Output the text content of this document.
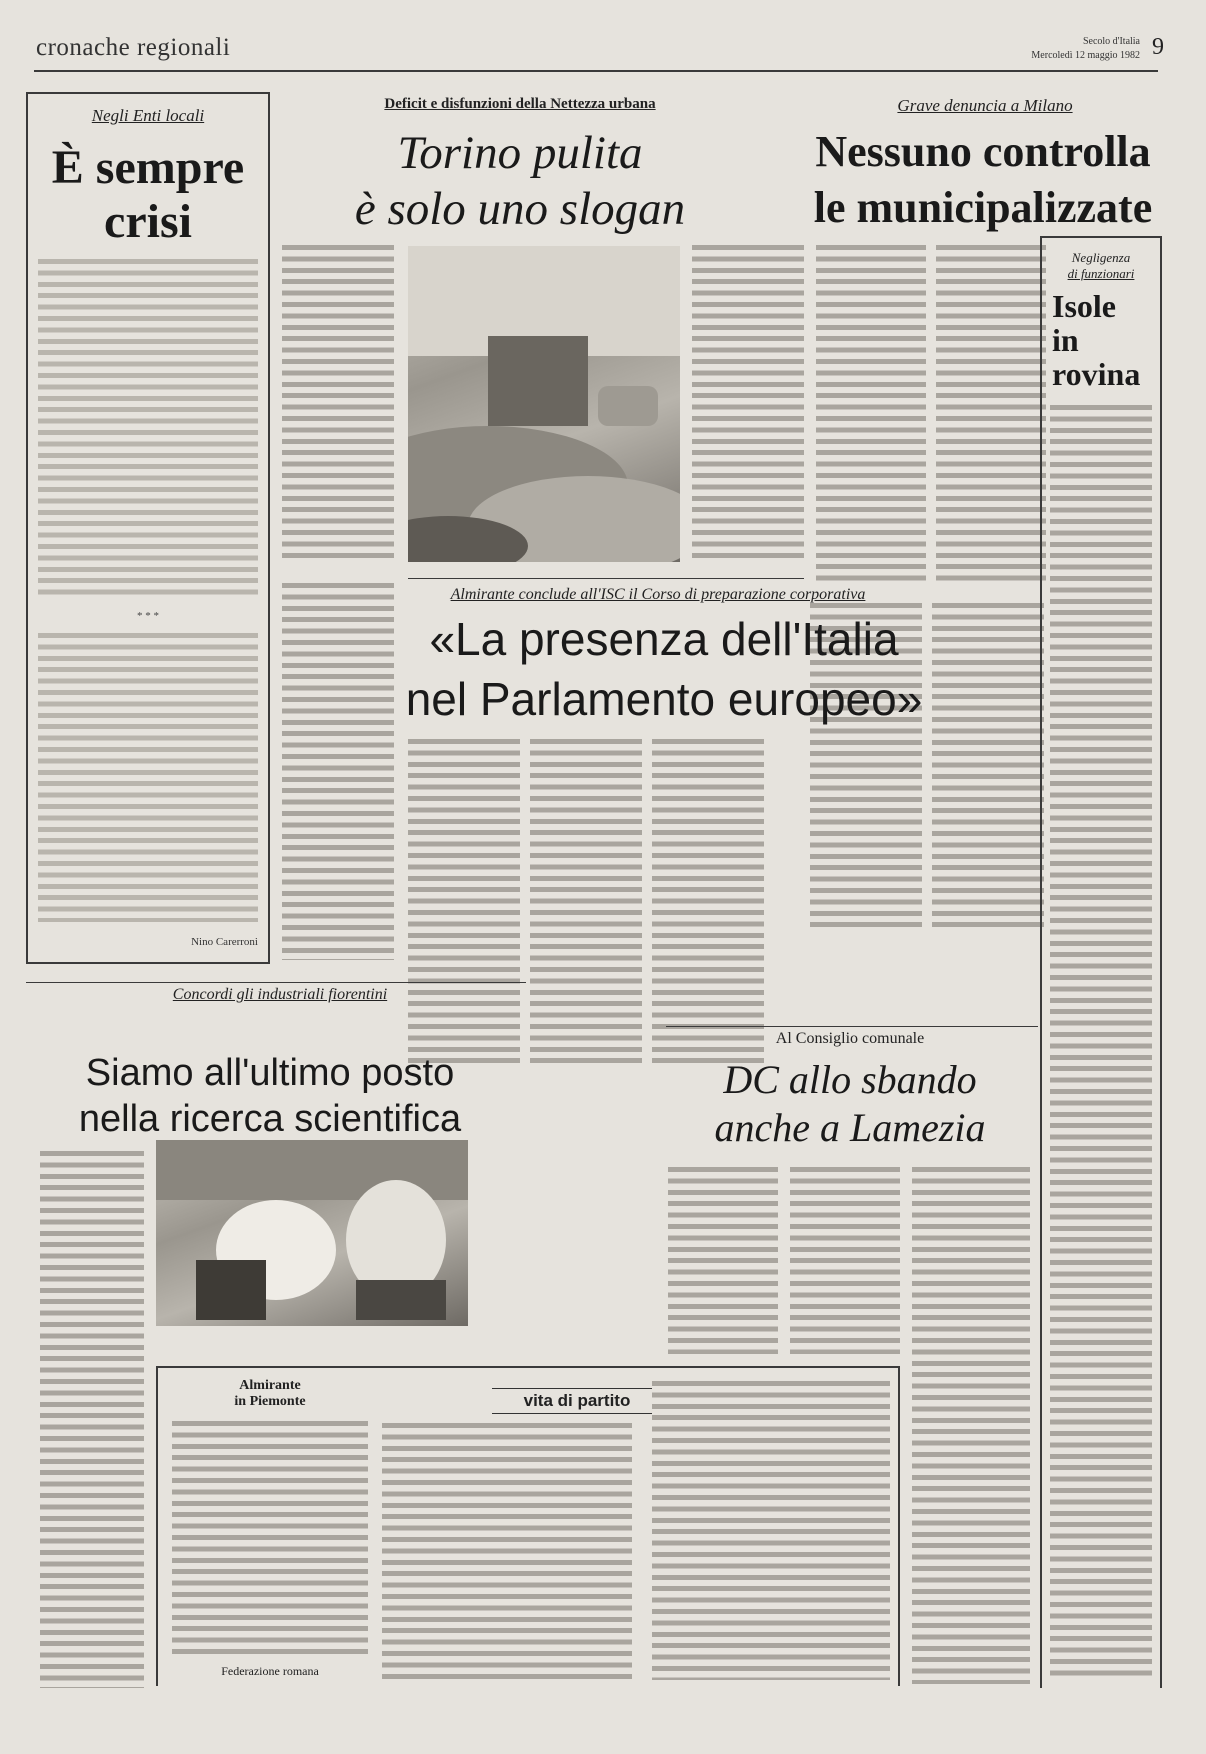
cronache regionali	Secolo d'Italia
Mercoledì 12 maggio 1982 9
Negli Enti locali
È sempre
crisi
* * *
Nino Carerroni
Deficit e disfunzioni della Nettezza urbana
Torino pulita
è solo uno slogan
Grave denuncia a Milano
Nessuno controlla
le municipalizzate
Negligenza
di funzionari
Isole
in
rovina
Almirante conclude all'ISC il Corso di preparazione corporativa
«La presenza dell'Italia
nel Parlamento europeo»
Concordi gli industriali fiorentini
Siamo all'ultimo posto
nella ricerca scientifica
Al Consiglio comunale
DC allo sbando
anche a Lamezia
Almirante
in Piemonte
Federazione romana
vita di partito
